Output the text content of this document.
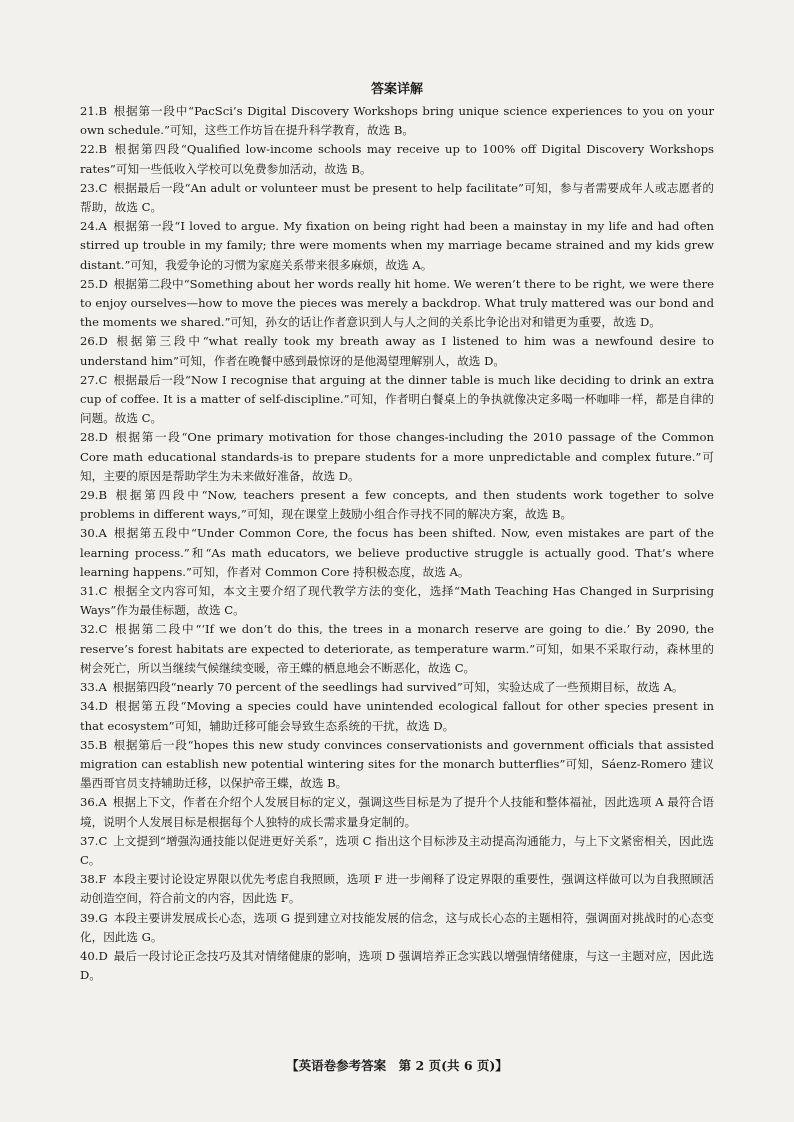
答案详解

21.B  根据第一段中“PacSci’s Digital Discovery Workshops bring unique science experiences to you on your own schedule.”可知，这些工作坊旨在提升科学教育，故选 B。

22.B  根据第四段“Qualified low-income schools may receive up to 100% off Digital Discovery Workshops rates”可知一些低收入学校可以免费参加活动，故选 B。

23.C  根据最后一段“An adult or volunteer must be present to help facilitate”可知，参与者需要成年人或志愿者的帮助，故选 C。

24.A  根据第一段“I loved to argue. My fixation on being right had been a mainstay in my life and had often stirred up trouble in my family; thre were moments when my marriage became strained and my kids grew distant.”可知，我爱争论的习惯为家庭关系带来很多麻烦，故选 A。

25.D  根据第二段中“Something about her words really hit home. We weren’t there to be right, we were there to enjoy ourselves—how to move the pieces was merely a backdrop. What truly mattered was our bond and the moments we shared.”可知，孙女的话让作者意识到人与人之间的关系比争论出对和错更为重要，故选 D。

26.D  根据第三段中“what really took my breath away as I listened to him was a newfound desire to understand him”可知，作者在晚餐中感到最惊讶的是他渴望理解别人，故选 D。

27.C  根据最后一段“Now I recognise that arguing at the dinner table is much like deciding to drink an extra cup of coffee. It is a matter of self-discipline.”可知，作者明白餐桌上的争执就像决定多喝一杯咖啡一样，都是自律的问题。故选 C。

28.D  根据第一段“One primary motivation for those changes-including the 2010 passage of the Common Core math educational standards-is to prepare students for a more unpredictable and complex future.”可知，主要的原因是帮助学生为未来做好准备，故选 D。

29.B  根据第四段中“Now, teachers present a few concepts, and then students work together to solve problems in different ways,”可知，现在课堂上鼓励小组合作寻找不同的解决方案，故选 B。

30.A  根据第五段中“Under Common Core, the focus has been shifted. Now, even mistakes are part of the learning process.”和“As math educators, we believe productive struggle is actually good. That’s where learning happens.”可知，作者对 Common Core 持积极态度，故选 A。

31.C  根据全文内容可知，本文主要介绍了现代教学方法的变化，选择“Math Teaching Has Changed in Surprising Ways”作为最佳标题，故选 C。

32.C  根据第二段中“‘If we don’t do this, the trees in a monarch reserve are going to die.’ By 2090, the reserve’s forest habitats are expected to deteriorate, as temperature warm.”可知，如果不采取行动，森林里的树会死亡，所以当继续气候继续变暖，帝王蝶的栖息地会不断恶化，故选 C。

33.A  根据第四段“nearly 70 percent of the seedlings had survived”可知，实验达成了一些预期目标，故选 A。

34.D  根据第五段“Moving a species could have unintended ecological fallout for other species present in that ecosystem”可知，辅助迁移可能会导致生态系统的干扰，故选 D。

35.B  根据第后一段“hopes this new study convinces conservationists and government officials that assisted migration can establish new potential wintering sites for the monarch butterflies”可知，Sáenz-Romero 建议墨西哥官员支持辅助迁移，以保护帝王蝶，故选 B。

36.A  根据上下文，作者在介绍个人发展目标的定义，强调这些目标是为了提升个人技能和整体福祉，因此选项 A 最符合语境，说明个人发展目标是根据每个人独特的成长需求量身定制的。

37.C  上文提到“增强沟通技能以促进更好关系”，选项 C 指出这个目标涉及主动提高沟通能力，与上下文紧密相关，因此选 C。

38.F  本段主要讨论设定界限以优先考虑自我照顾，选项 F 进一步阐释了设定界限的重要性，强调这样做可以为自我照顾活动创造空间，符合前文的内容，因此选 F。

39.G  本段主要讲发展成长心态，选项 G 提到建立对技能发展的信念，这与成长心态的主题相符，强调面对挑战时的心态变化，因此选 G。

40.D  最后一段讨论正念技巧及其对情绪健康的影响，选项 D 强调培养正念实践以增强情绪健康，与这一主题对应，因此选 D。

【英语卷参考答案　第 2 页(共 6 页)】
